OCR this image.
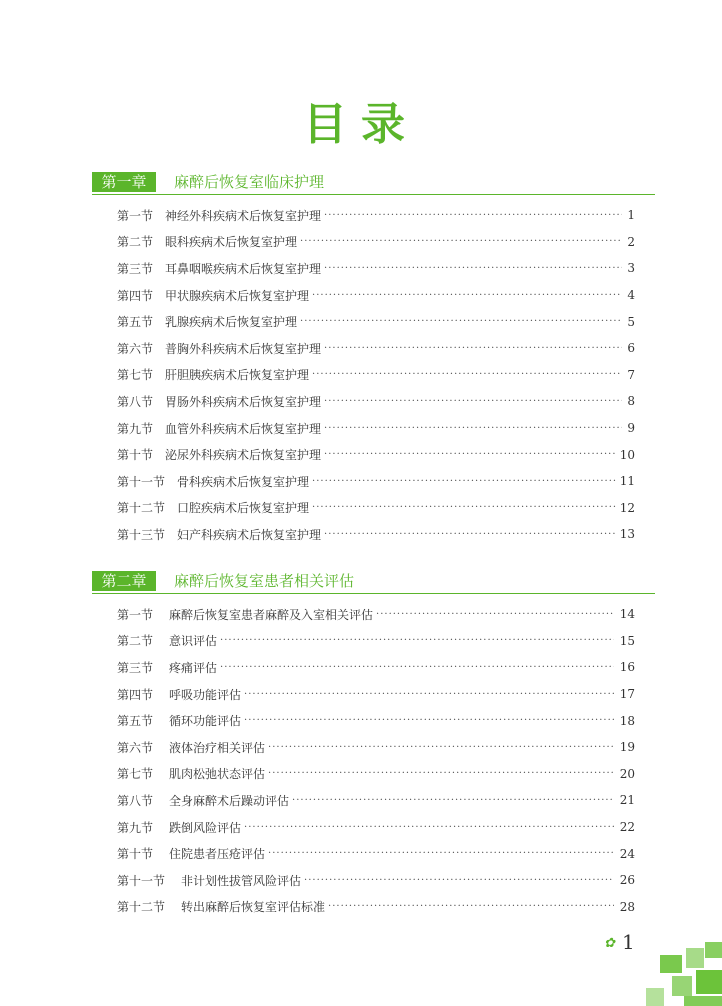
目录
第一章	麻醉后恢复室临床护理
第一节 神经外科疾病术后恢复室护理 ·····	1
第二节 眼科疾病术后恢复室护理 ·····	2
第三节 耳鼻咽喉疾病术后恢复室护理 ·····	3
第四节 甲状腺疾病术后恢复室护理 ·····	4
第五节 乳腺疾病术后恢复室护理 ·····	5
第六节 普胸外科疾病术后恢复室护理 ·····	6
第七节 肝胆胰疾病术后恢复室护理 ·····	7
第八节 胃肠外科疾病术后恢复室护理 ·····	8
第九节 血管外科疾病术后恢复室护理 ·····	9
第十节 泌尿外科疾病术后恢复室护理 ·····	10
第十一节 骨科疾病术后恢复室护理 ·····	11
第十二节 口腔疾病术后恢复室护理 ·····	12
第十三节 妇产科疾病术后恢复室护理 ·····	13
第二章	麻醉后恢复室患者相关评估
第一节 麻醉后恢复室患者麻醉及入室相关评估 ·····	14
第二节 意识评估 ·····	15
第三节 疼痛评估 ·····	16
第四节 呼吸功能评估 ·····	17
第五节 循环功能评估 ·····	18
第六节 液体治疗相关评估 ·····	19
第七节 肌肉松弛状态评估 ·····	20
第八节 全身麻醉术后躁动评估 ·····	21
第九节 跌倒风险评估 ·····	22
第十节 住院患者压疮评估 ·····	24
第十一节 非计划性拔管风险评估 ·····	26
第十二节 转出麻醉后恢复室评估标准 ·····	28
✿ 1
